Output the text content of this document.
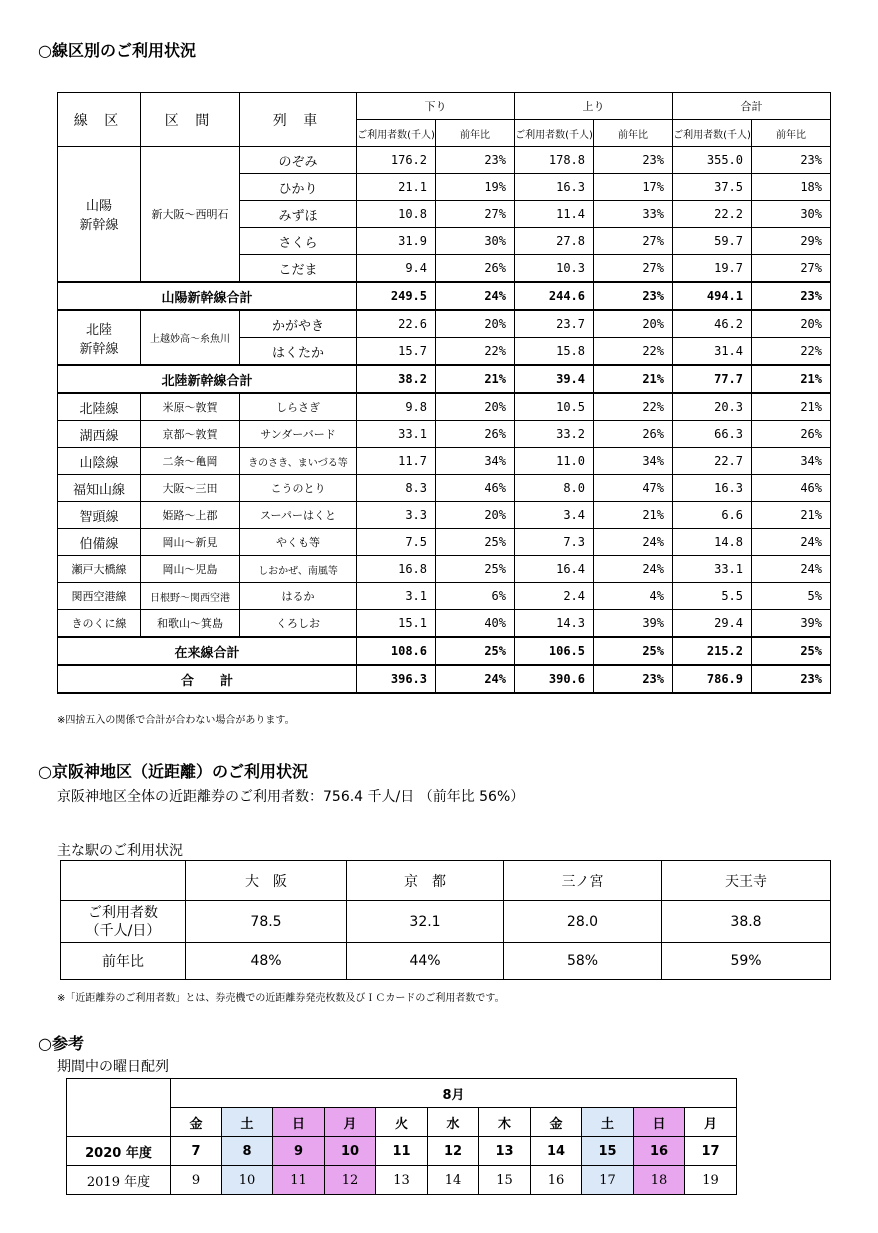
○線区別のご利用状況
線 区	区 間	列 車	下り		上り		合計	
			ご利用者数(千人)	前年比	ご利用者数(千人)	前年比	ご利用者数(千人)	前年比
山陽
新幹線	新大阪～西明石	のぞみ	176.2	23%	178.8	23%	355.0	23%
		ひかり	21.1	19%	16.3	17%	37.5	18%
		みずほ	10.8	27%	11.4	33%	22.2	30%
		さくら	31.9	30%	27.8	27%	59.7	29%
		こだま	9.4	26%	10.3	27%	19.7	27%
山陽新幹線合計			249.5	24%	244.6	23%	494.1	23%
北陸
新幹線	上越妙高～糸魚川	かがやき	22.6	20%	23.7	20%	46.2	20%
		はくたか	15.7	22%	15.8	22%	31.4	22%
北陸新幹線合計			38.2	21%	39.4	21%	77.7	21%
北陸線	米原～敦賀	しらさぎ	9.8	20%	10.5	22%	20.3	21%
湖西線	京都～敦賀	サンダーバード	33.1	26%	33.2	26%	66.3	26%
山陰線	二条～亀岡	きのさき、まいづる等	11.7	34%	11.0	34%	22.7	34%
福知山線	大阪～三田	こうのとり	8.3	46%	8.0	47%	16.3	46%
智頭線	姫路～上郡	スーパーはくと	3.3	20%	3.4	21%	6.6	21%
伯備線	岡山～新見	やくも等	7.5	25%	7.3	24%	14.8	24%
瀬戸大橋線	岡山～児島	しおかぜ、南風等	16.8	25%	16.4	24%	33.1	24%
関西空港線	日根野～関西空港	はるか	3.1	6%	2.4	4%	5.5	5%
きのくに線	和歌山～箕島	くろしお	15.1	40%	14.3	39%	29.4	39%
在来線合計			108.6	25%	106.5	25%	215.2	25%
合　　計			396.3	24%	390.6	23%	786.9	23%
※四捨五入の関係で合計が合わない場合があります。
○京阪神地区（近距離）のご利用状況
京阪神地区全体の近距離券のご利用者数：756.4 千人/日 （前年比 56%）
主な駅のご利用状況
	大　阪	京　都	三ノ宮	天王寺
ご利用者数
（千人/日）	78.5	32.1	28.0	38.8
前年比	48%	44%	58%	59%
※「近距離券のご利用者数」とは、券売機での近距離券発売枚数及びＩＣカードのご利用者数です。
○参考
期間中の曜日配列
	8月										
	金	土	日	月	火	水	木	金	土	日	月
2020 年度	7	8	9	10	11	12	13	14	15	16	17
2019 年度	9	10	11	12	13	14	15	16	17	18	19
